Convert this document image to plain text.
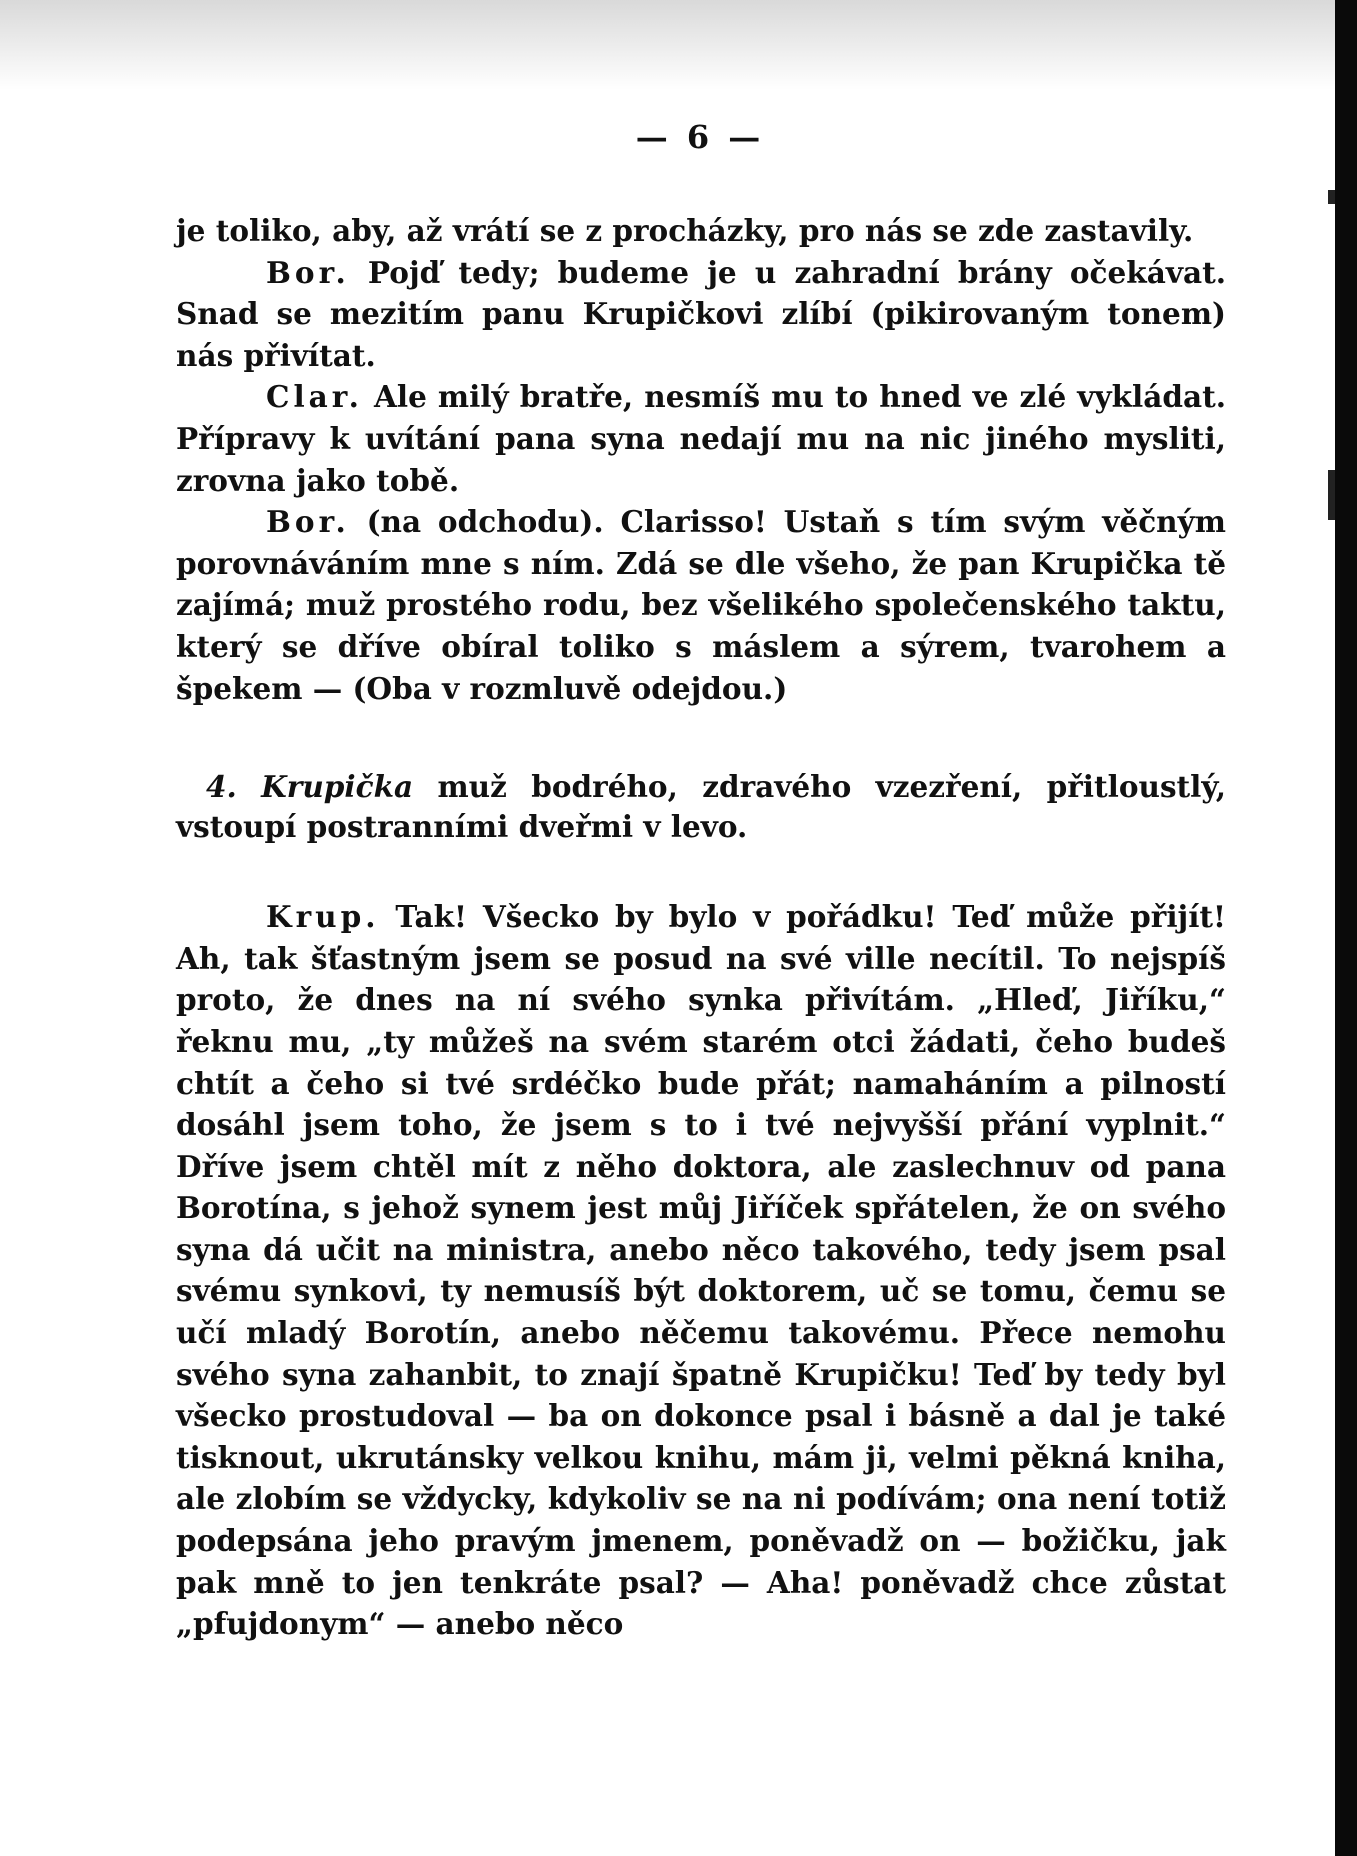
— 6 —

je toliko, aby, až vrátí se z procházky, pro nás se zde zastavily.

Bor. Pojď tedy; budeme je u zahradní brány očekávat. Snad se mezitím panu Krupičkovi zlíbí (pikirovaným tonem) nás přivítat.

Clar. Ale milý bratře, nesmíš mu to hned ve zlé vykládat. Přípravy k uvítání pana syna nedají mu na nic jiného mysliti, zrovna jako tobě.

Bor. (na odchodu). Clarisso! Ustaň s tím svým věčným porovnáváním mne s ním. Zdá se dle všeho, že pan Krupička tě zajímá; muž prostého rodu, bez všelikého společenského taktu, který se dříve obíral toliko s máslem a sýrem, tvarohem a špekem — (Oba v rozmluvě odejdou.)

4. Krupička muž bodrého, zdravého vzezření, přitloustlý, vstoupí postranními dveřmi v levo.

Krup. Tak! Všecko by bylo v pořádku! Teď může přijít! Ah, tak šťastným jsem se posud na své ville necítil. To nejspíš proto, že dnes na ní svého synka přivítám. „Hleď, Jiříku,“ řeknu mu, „ty můžeš na svém starém otci žádati, čeho budeš chtít a čeho si tvé srdéčko bude přát; namaháním a pilností dosáhl jsem toho, že jsem s to i tvé nejvyšší přání vyplnit.“ Dříve jsem chtěl mít z něho doktora, ale zaslechnuv od pana Borotína, s jehož synem jest můj Jiříček spřátelen, že on svého syna dá učit na ministra, anebo něco takového, tedy jsem psal svému synkovi, ty nemusíš být doktorem, uč se tomu, čemu se učí mladý Borotín, anebo něčemu takovému. Přece nemohu svého syna zahanbit, to znají špatně Krupičku! Teď by tedy byl všecko prostudoval — ba on dokonce psal i básně a dal je také tisknout, ukrutánsky velkou knihu, mám ji, velmi pěkná kniha, ale zlobím se vždycky, kdykoliv se na ni podívám; ona není totiž podepsána jeho pravým jmenem, poněvadž on — božičku, jak pak mně to jen tenkráte psal? — Aha! poněvadž chce zůstat „pfujdonym“ — anebo něco
